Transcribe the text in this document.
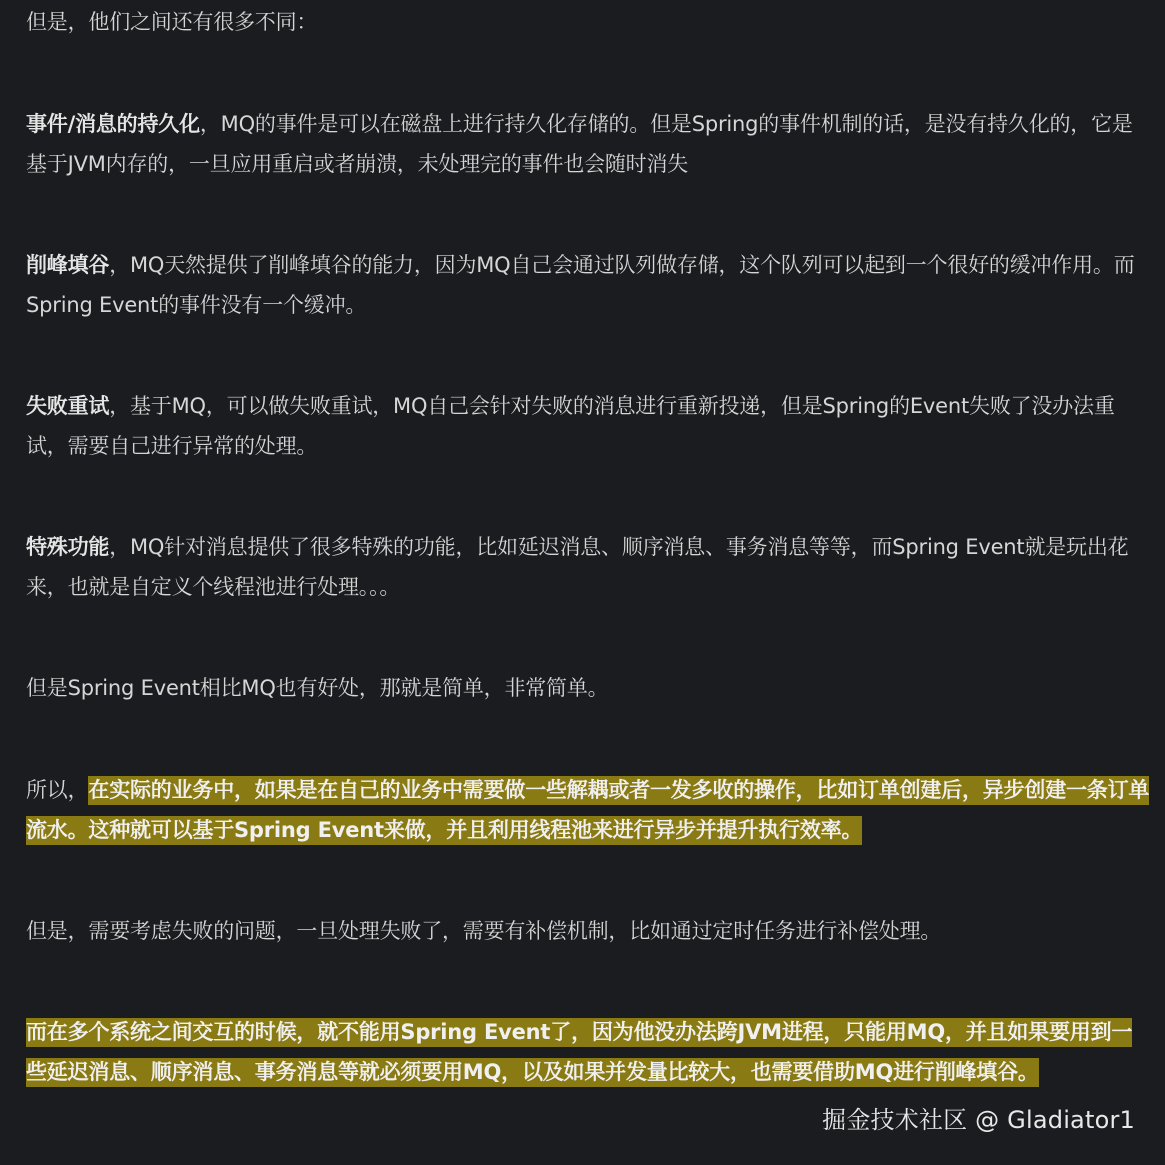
但是，他们之间还有很多不同：

事件/消息的持久化，MQ的事件是可以在磁盘上进行持久化存储的。但是Spring的事件机制的话，是没有持久化的，它是基于JVM内存的，一旦应用重启或者崩溃，未处理完的事件也会随时消失

削峰填谷，MQ天然提供了削峰填谷的能力，因为MQ自己会通过队列做存储，这个队列可以起到一个很好的缓冲作用。而Spring Event的事件没有一个缓冲。

失败重试，基于MQ，可以做失败重试，MQ自己会针对失败的消息进行重新投递，但是Spring的Event失败了没办法重试，需要自己进行异常的处理。

特殊功能，MQ针对消息提供了很多特殊的功能，比如延迟消息、顺序消息、事务消息等等，而Spring Event就是玩出花来，也就是自定义个线程池进行处理。。。

但是Spring Event相比MQ也有好处，那就是简单，非常简单。

所以，在实际的业务中，如果是在自己的业务中需要做一些解耦或者一发多收的操作，比如订单创建后，异步创建一条订单流水。这种就可以基于Spring Event来做，并且利用线程池来进行异步并提升执行效率。

但是，需要考虑失败的问题，一旦处理失败了，需要有补偿机制，比如通过定时任务进行补偿处理。

而在多个系统之间交互的时候，就不能用Spring Event了，因为他没办法跨JVM进程，只能用MQ，并且如果要用到一些延迟消息、顺序消息、事务消息等就必须要用MQ，以及如果并发量比较大，也需要借助MQ进行削峰填谷。

掘金技术社区 @ Gladiator1
